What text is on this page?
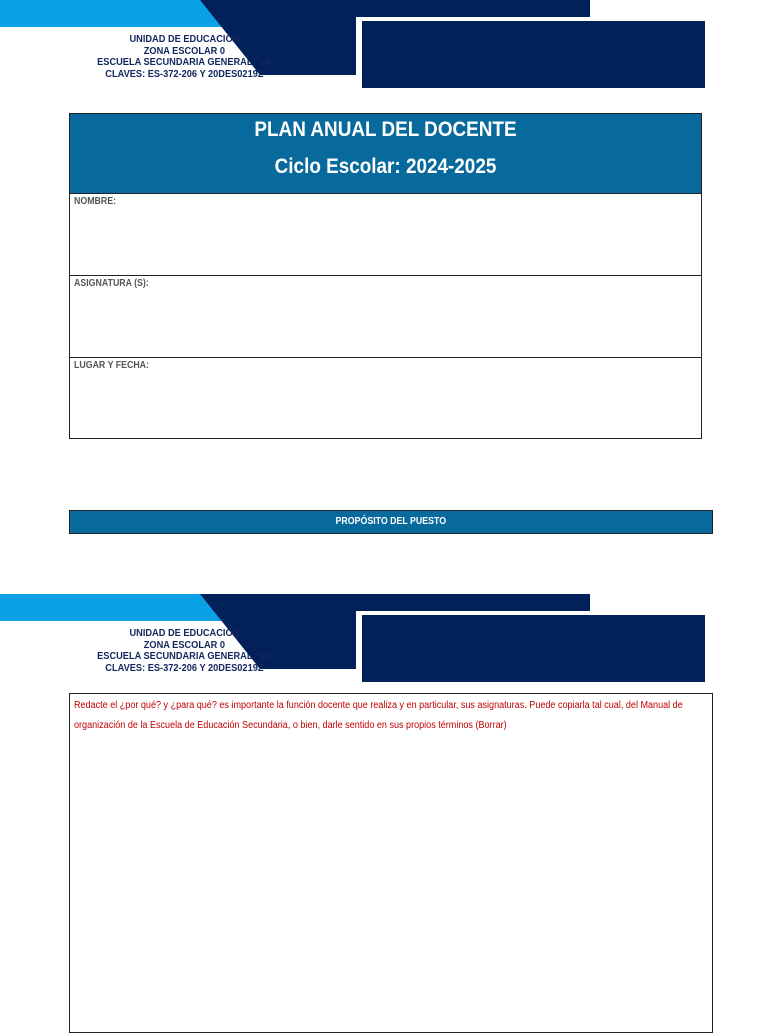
UNIDAD DE EDUCACIÓN
ZONA ESCOLAR 0
ESCUELA SECUNDARIA GENERAL “VA
CLAVES: ES-372-206 Y 20DES0219Z
PLAN ANUAL DEL DOCENTE
Ciclo Escolar: 2024-2025
NOMBRE:
ASIGNATURA (S):
LUGAR Y FECHA:
PROPÓSITO DEL PUESTO
UNIDAD DE EDUCACIÓN
ZONA ESCOLAR 0
ESCUELA SECUNDARIA GENERAL “VA
CLAVES: ES-372-206 Y 20DES0219Z
Redacte el ¿por qué? y ¿para qué? es importante la función docente que realiza y en particular, sus asignaturas. Puede copiarla tal cual, del Manual de organización de la Escuela de Educación Secundaria, o bien, darle sentido en sus propios términos (Borrar)
